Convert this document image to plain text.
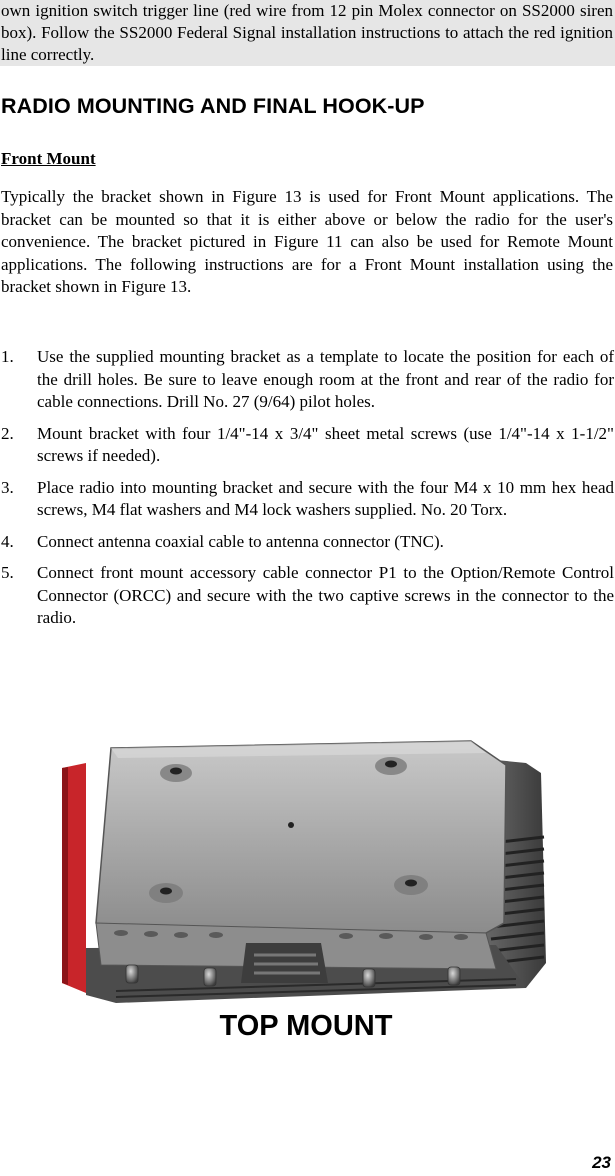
own ignition switch trigger line (red wire from 12 pin Molex connector on SS2000 siren box). Follow the SS2000 Federal Signal installation instructions to attach the red ignition line correctly.

RADIO MOUNTING AND FINAL HOOK-UP
Front Mount

Typically the bracket shown in Figure 13 is used for Front Mount applications. The bracket can be mounted so that it is either above or below the radio for the user's convenience. The bracket pictured in Figure 11 can also be used for Remote Mount applications. The following instructions are for a Front Mount installation using the bracket shown in Figure 13.

1. Use the supplied mounting bracket as a template to locate the position for each of the drill holes. Be sure to leave enough room at the front and rear of the radio for cable connections. Drill No. 27 (9/64) pilot holes.
2. Mount bracket with four 1/4"-14 x 3/4" sheet metal screws (use 1/4"-14 x 1-1/2" screws if needed).
3. Place radio into mounting bracket and secure with the four M4 x 10 mm hex head screws, M4 flat washers and M4 lock washers supplied. No. 20 Torx.
4. Connect antenna coaxial cable to antenna connector (TNC).
5. Connect front mount accessory cable connector P1 to the Option/Remote Control Connector (ORCC) and secure with the two captive screws in the connector to the radio.
TOP MOUNT
23
